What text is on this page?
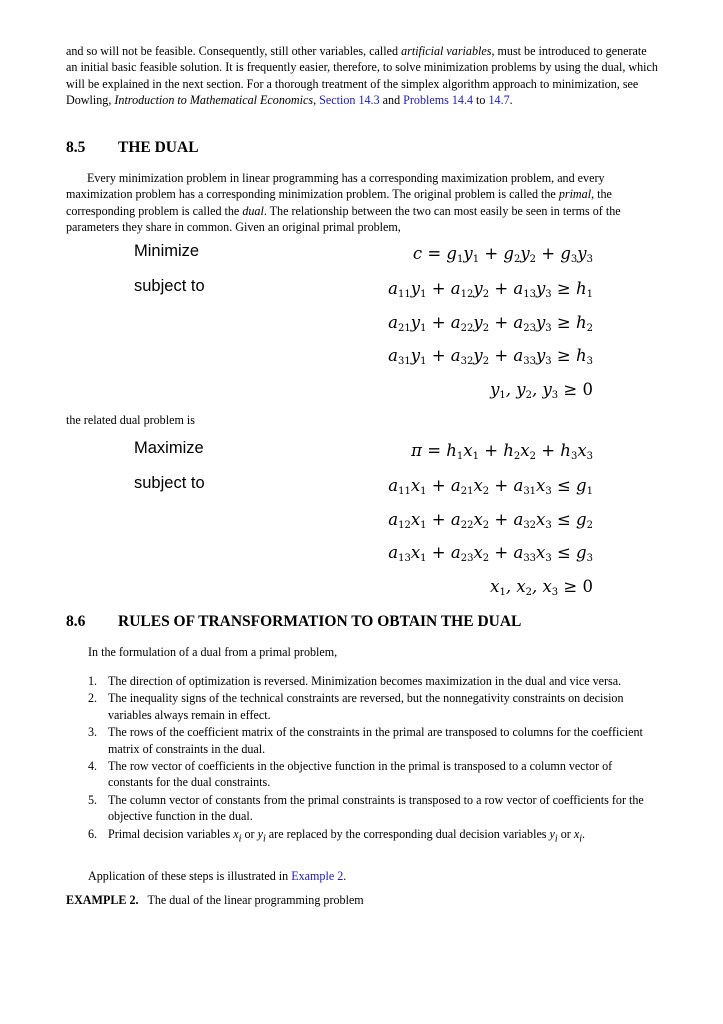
and so will not be feasible. Consequently, still other variables, called artificial variables, must be introduced to generate an initial basic feasible solution. It is frequently easier, therefore, to solve minimization problems by using the dual, which will be explained in the next section. For a thorough treatment of the simplex algorithm approach to minimization, see Dowling, Introduction to Mathematical Economics, Section 14.3 and Problems 14.4 to 14.7.

8.5 THE DUAL

Every minimization problem in linear programming has a corresponding maximization problem, and every maximization problem has a corresponding minimization problem. The original problem is called the primal, the corresponding problem is called the dual. The relationship between the two can most easily be seen in terms of the parameters they share in common. Given an original primal problem,

Minimize
subject to
$c = g_1y_1 + g_2y_2 + g_3y_3$
$a_{11}y_1 + a_{12}y_2 + a_{13}y_3 \ge h_1$
$a_{21}y_1 + a_{22}y_2 + a_{23}y_3 \ge h_2$
$a_{31}y_1 + a_{32}y_2 + a_{33}y_3 \ge h_3$
$y_1$, $y_2$, $y_3 \ge 0$

the related dual problem is

Maximize
subject to
$\pi = h_1x_1 + h_2x_2 + h_3x_3$
$a_{11}x_1 + a_{21}x_2 + a_{31}x_3 \le g_1$
$a_{12}x_1 + a_{22}x_2 + a_{32}x_3 \le g_2$
$a_{13}x_1 + a_{23}x_2 + a_{33}x_3 \le g_3$
$x_1$, $x_2$, $x_3 \ge 0$
8.6 RULES OF TRANSFORMATION TO OBTAIN THE DUAL

In the formulation of a dual from a primal problem,

1. The direction of optimization is reversed. Minimization becomes maximization in the dual and vice versa.
2. The inequality signs of the technical constraints are reversed, but the nonnegativity constraints on decision variables always remain in effect.
3. The rows of the coefficient matrix of the constraints in the primal are transposed to columns for the coefficient matrix of constraints in the dual.
4. The row vector of coefficients in the objective function in the primal is transposed to a column vector of constants for the dual constraints.
5. The column vector of constants from the primal constraints is transposed to a row vector of coefficients for the objective function in the dual.
6. Primal decision variables $x_i$ or $y_i$ are replaced by the corresponding dual decision variables $y_i$ or $x_i$.

Application of these steps is illustrated in Example 2.

EXAMPLE 2. The dual of the linear programming problem
